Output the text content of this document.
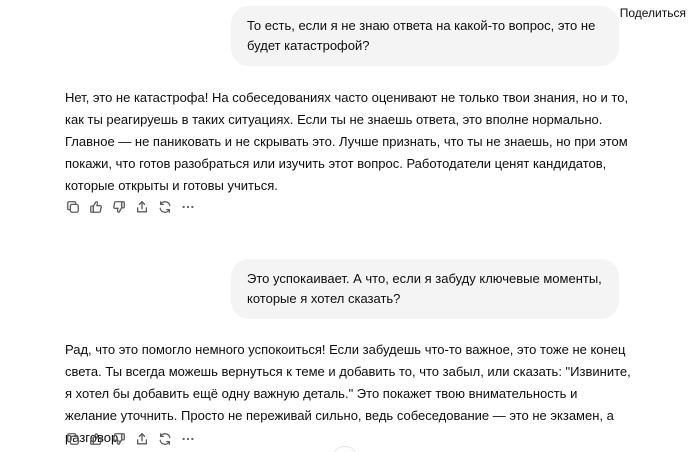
Поделиться
То есть, если я не знаю ответа на какой-то вопрос, это не будет катастрофой?
Нет, это не катастрофа! На собеседованиях часто оценивают не только твои знания, но и то, как ты реагируешь в таких ситуациях. Если ты не знаешь ответа, это вполне нормально. Главное — не паниковать и не скрывать это. Лучше признать, что ты не знаешь, но при этом покажи, что готов разобраться или изучить этот вопрос. Работодатели ценят кандидатов, которые открыты и готовы учиться.
Это успокаивает. А что, если я забуду ключевые моменты, которые я хотел сказать?
Рад, что это помогло немного успокоиться! Если забудешь что-то важное, это тоже не конец света. Ты всегда можешь вернуться к теме и добавить то, что забыл, или сказать: "Извините, я хотел бы добавить ещё одну важную деталь." Это покажет твою внимательность и желание уточнить. Просто не переживай сильно, ведь собеседование — это не экзамен, а разговор.
